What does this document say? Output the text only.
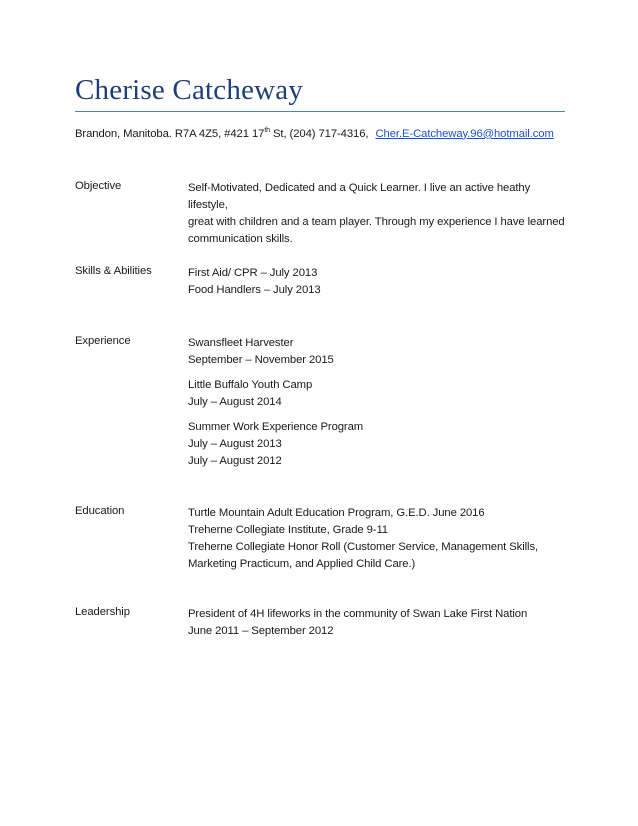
Cherise Catcheway
Brandon, Manitoba. R7A 4Z5, #421 17th St, (204) 717-4316, Cher.E-Catcheway.96@hotmail.com
Objective	Self-Motivated, Dedicated and a Quick Learner. I live an active heathy lifestyle,

great with children and a team player. Through my experience I have learned

communication skills.

Skills & Abilities	First Aid/ CPR – July 2013

Food Handlers – July 2013

Experience	Swansfleet Harvester

September – November 2015

Little Buffalo Youth Camp

July – August 2014

Summer Work Experience Program

July – August 2013

July – August 2012

Education	Turtle Mountain Adult Education Program, G.E.D. June 2016

Treherne Collegiate Institute, Grade 9-11

Treherne Collegiate Honor Roll (Customer Service, Management Skills,

Marketing Practicum, and Applied Child Care.)

Leadership	President of 4H lifeworks in the community of Swan Lake First Nation

June 2011 – September 2012
